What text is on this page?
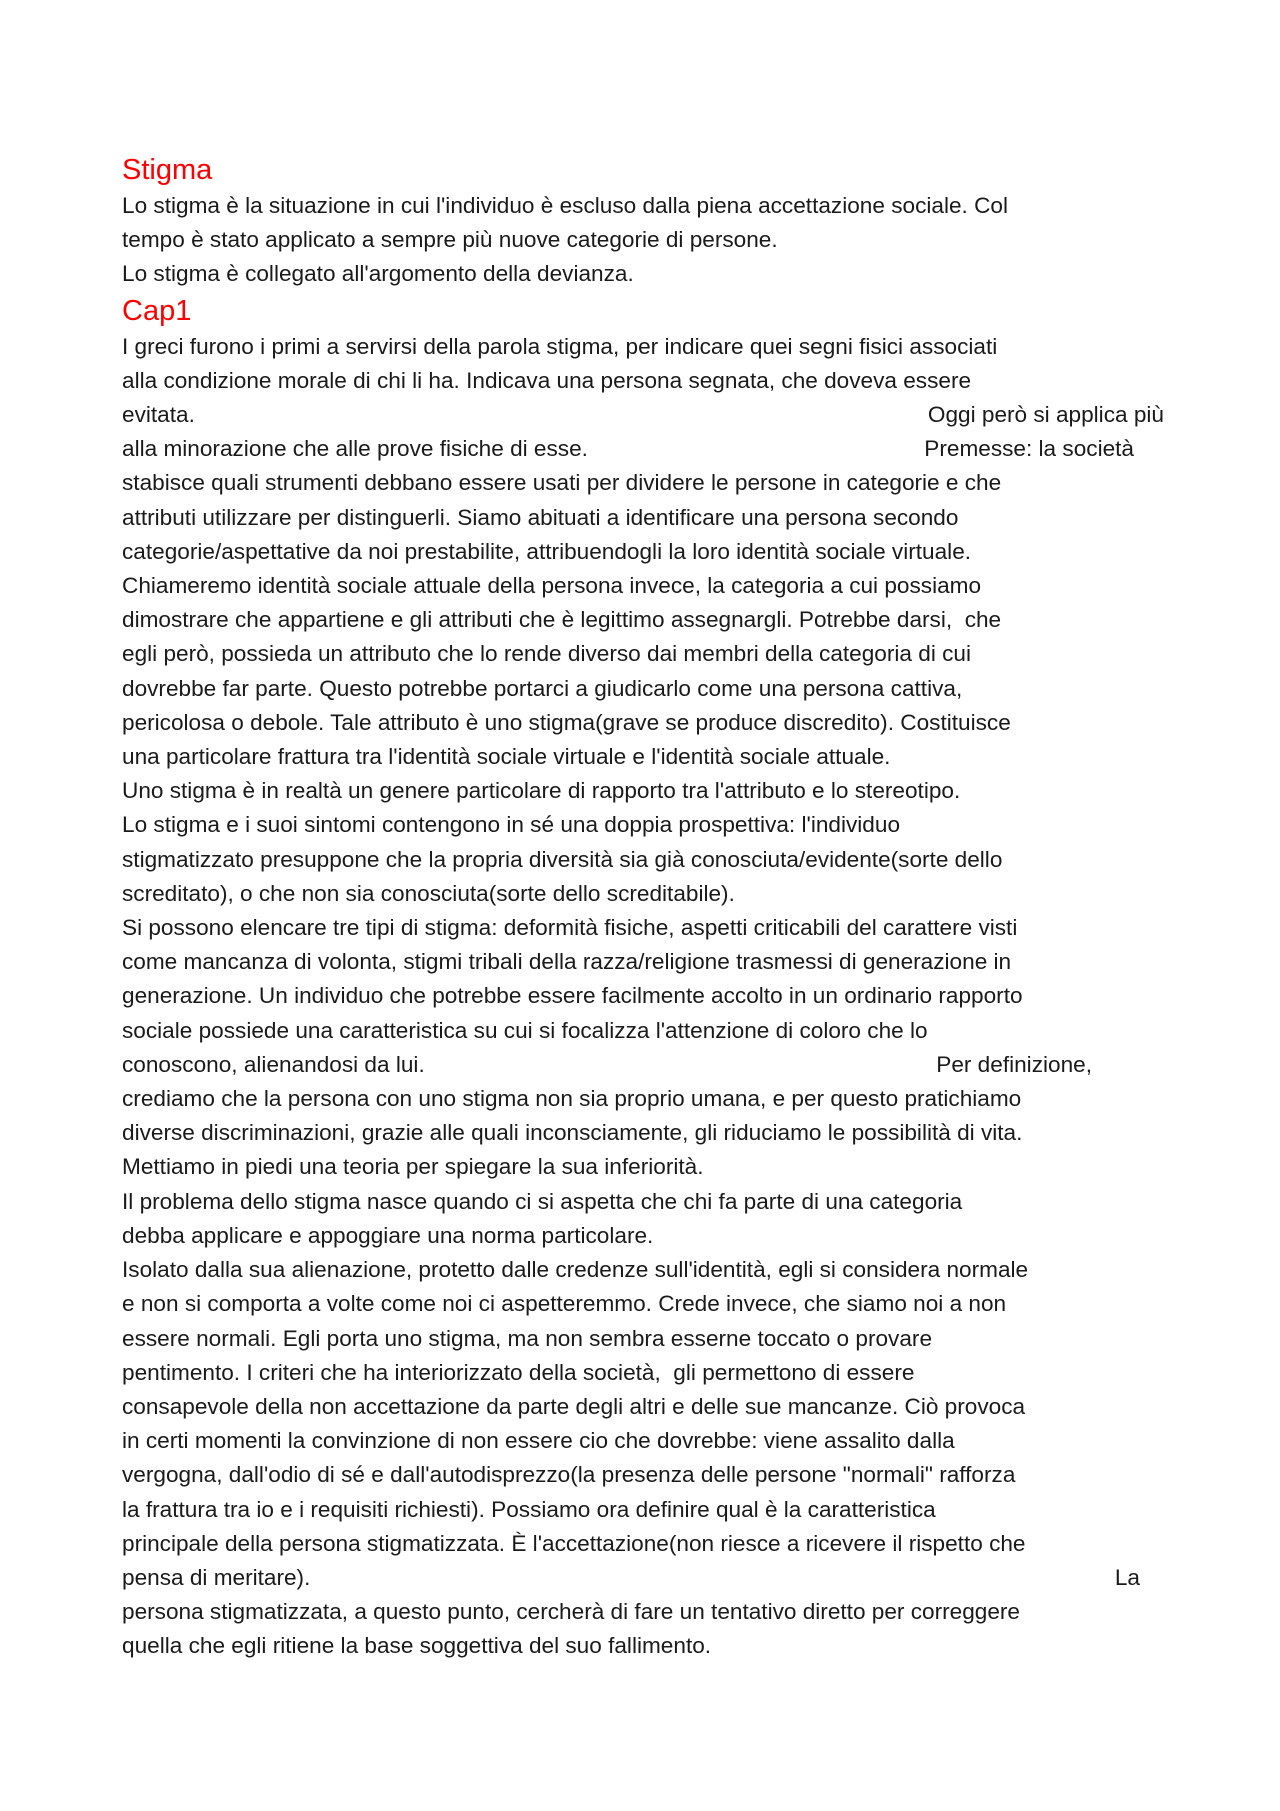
Stigma

Lo stigma è la situazione in cui l'individuo è escluso dalla piena accettazione sociale. Col

tempo è stato applicato a sempre più nuove categorie di persone.

Lo stigma è collegato all'argomento della devianza.

Cap1

I greci furono i primi a servirsi della parola stigma, per indicare quei segni fisici associati

alla condizione morale di chi li ha. Indicava una persona segnata, che doveva essere

evitata.	Oggi però si applica più

alla minorazione che alle prove fisiche di esse.	Premesse: la società

stabisce quali strumenti debbano essere usati per dividere le persone in categorie e che

attributi utilizzare per distinguerli. Siamo abituati a identificare una persona secondo

categorie/aspettative da noi prestabilite, attribuendogli la loro identità sociale virtuale.

Chiameremo identità sociale attuale della persona invece, la categoria a cui possiamo

dimostrare che appartiene e gli attributi che è legittimo assegnargli. Potrebbe darsi,  che

egli però, possieda un attributo che lo rende diverso dai membri della categoria di cui

dovrebbe far parte. Questo potrebbe portarci a giudicarlo come una persona cattiva,

pericolosa o debole. Tale attributo è uno stigma(grave se produce discredito). Costituisce

una particolare frattura tra l'identità sociale virtuale e l'identità sociale attuale.

Uno stigma è in realtà un genere particolare di rapporto tra l'attributo e lo stereotipo.

Lo stigma e i suoi sintomi contengono in sé una doppia prospettiva: l'individuo

stigmatizzato presuppone che la propria diversità sia già conosciuta/evidente(sorte dello

screditato), o che non sia conosciuta(sorte dello screditabile).

Si possono elencare tre tipi di stigma: deformità fisiche, aspetti criticabili del carattere visti

come mancanza di volonta, stigmi tribali della razza/religione trasmessi di generazione in

generazione. Un individuo che potrebbe essere facilmente accolto in un ordinario rapporto

sociale possiede una caratteristica su cui si focalizza l'attenzione di coloro che lo

conoscono, alienandosi da lui.	Per definizione,

crediamo che la persona con uno stigma non sia proprio umana, e per questo pratichiamo

diverse discriminazioni, grazie alle quali inconsciamente, gli riduciamo le possibilità di vita.

Mettiamo in piedi una teoria per spiegare la sua inferiorità.

Il problema dello stigma nasce quando ci si aspetta che chi fa parte di una categoria

debba applicare e appoggiare una norma particolare.

Isolato dalla sua alienazione, protetto dalle credenze sull'identità, egli si considera normale

e non si comporta a volte come noi ci aspetteremmo. Crede invece, che siamo noi a non

essere normali. Egli porta uno stigma, ma non sembra esserne toccato o provare

pentimento. I criteri che ha interiorizzato della società,  gli permettono di essere

consapevole della non accettazione da parte degli altri e delle sue mancanze. Ciò provoca

in certi momenti la convinzione di non essere cio che dovrebbe: viene assalito dalla

vergogna, dall'odio di sé e dall'autodisprezzo(la presenza delle persone "normali" rafforza

la frattura tra io e i requisiti richiesti). Possiamo ora definire qual è la caratteristica

principale della persona stigmatizzata. È l'accettazione(non riesce a ricevere il rispetto che

pensa di meritare).	La

persona stigmatizzata, a questo punto, cercherà di fare un tentativo diretto per correggere

quella che egli ritiene la base soggettiva del suo fallimento.
